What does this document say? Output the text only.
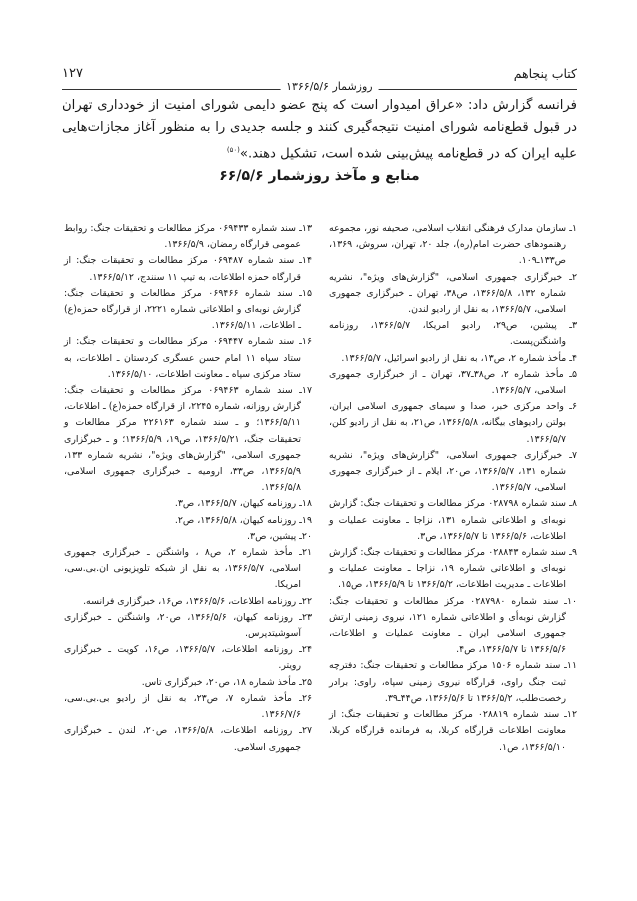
کتاب پنجاهم
روزشمار ۱۳۶۶/۵/۶
۱۲۷
فرانسه گزارش داد: «عراق امیدوار است که پنج عضو دایمی شورای امنیت از خودداری تهران در قبول قطع‌نامه شورای امنیت نتیجه‌گیری کنند و جلسه جدیدی را به منظور آغاز مجازات‌هایی علیه ایران که در قطع‌نامه پیش‌بینی شده است، تشکیل دهند.»$^{(۵۰)}$
منابع و مآخذ روزشمار ۶۶/۵/۶
۱ـ سازمان مدارک فرهنگی انقلاب اسلامی، صحیفه نور، مجموعه رهنمودهای حضرت امام(ره)، جلد ۲۰، تهران، سروش، ۱۳۶۹، ص۱۳۳ـ۱۰۹.
۲ـ خبرگزاری جمهوری اسلامی، "گزارش‌های ویژه"، نشریه شماره ۱۳۲، ۱۳۶۶/۵/۸، ص۳۸، تهران ـ خبرگزاری جمهوری اسلامی، ۱۳۶۶/۵/۷، به نقل از رادیو لندن.
۳ـ پیشین، ص۲۹، رادیو امریکا، ۱۳۶۶/۵/۷، روزنامه واشنگتن‌پست.
۴ـ مأخذ شماره ۲، ص۱۳، به نقل از رادیو اسرائیل، ۱۳۶۶/۵/۷.
۵ـ مأخذ شماره ۲، ص۳۸ـ۳۷، تهران ـ از خبرگزاری جمهوری اسلامی، ۱۳۶۶/۵/۷.
۶ـ واحد مرکزی خبر، صدا و سیمای جمهوری اسلامی ایران، بولتن رادیوهای بیگانه، ۱۳۶۶/۵/۸، ص۲۱، به نقل از رادیو کلن، ۱۳۶۶/۵/۷.
۷ـ خبرگزاری جمهوری اسلامی، "گزارش‌های ویژه"، نشریه شماره ۱۳۱، ۱۳۶۶/۵/۷، ص۲۰، ایلام ـ از خبرگزاری جمهوری اسلامی، ۱۳۶۶/۵/۷.
۸ـ سند شماره ۰۲۸۷۹۸ مرکز مطالعات و تحقیقات جنگ: گزارش نوبه‌ای و اطلاعاتی شماره ۱۳۱، نزاجا ـ معاونت عملیات و اطلاعات، ۱۳۶۶/۵/۶ تا ۱۳۶۶/۵/۷، ص۳.
۹ـ سند شماره ۰۲۸۸۴۳ مرکز مطالعات و تحقیقات جنگ: گزارش نوبه‌ای و اطلاعاتی شماره ۱۹، نزاجا ـ معاونت عملیات و اطلاعات ـ مدیریت اطلاعات، ۱۳۶۶/۵/۲ تا ۱۳۶۶/۵/۹، ص۱۵.
۱۰ـ سند شماره ۰۲۸۷۹۸۰ مرکز مطالعات و تحقیقات جنگ: گزارش نوبه‌أی و اطلاعاتی شماره ۱۲۱، نیروی زمینی ارتش جمهوری اسلامی ایران ـ معاونت عملیات و اطلاعات، ۱۳۶۶/۵/۶ تا ۱۳۶۶/۵/۷، ص۴.
۱۱ـ سند شماره ۱۵۰۶ مرکز مطالعات و تحقیقات جنگ: دفترچه ثبت جنگ راوی، قرارگاه نیروی زمینی سپاه، راوی: برادر رخصت‌طلب، ۱۳۶۶/۵/۲ تا ۱۳۶۶/۵/۶، ص۴۴ـ۳۹.
۱۲ـ سند شماره ۰۲۸۸۱۹ مرکز مطالعات و تحقیقات جنگ: از معاونت اطلاعات قرارگاه کربلا، به فرمانده قرارگاه کربلا، ۱۳۶۶/۵/۱۰، ص۱.
۱۳ـ سند شماره ۰۶۹۴۳۳ مرکز مطالعات و تحقیقات جنگ: روابط عمومی قرارگاه رمضان، ۱۳۶۶/۵/۹.
۱۴ـ سند شماره ۰۶۹۴۸۷ مرکز مطالعات و تحقیقات جنگ: از قرارگاه حمزه اطلاعات، به تیپ ۱۱ سنندج، ۱۳۶۶/۵/۱۲.
۱۵ـ سند شماره ۰۶۹۴۶۶ مرکز مطالعات و تحقیقات جنگ: گزارش نوبه‌ای و اطلاعاتی شماره ۲۲۲۱، از قرارگاه حمزه(ع) ـ اطلاعات، ۱۳۶۶/۵/۱۱.
۱۶ـ سند شماره ۰۶۹۴۴۷ مرکز مطالعات و تحقیقات جنگ: از ستاد سپاه ۱۱ امام حسن عسگری کردستان ـ اطلاعات، به ستاد مرکزی سپاه ـ معاونت اطلاعات، ۱۳۶۶/۵/۱۰.
۱۷ـ سند شماره ۰۶۹۴۶۳ مرکز مطالعات و تحقیقات جنگ: گزارش روزانه، شماره ۲۲۴۵، از قرارگاه حمزه(ع) ـ اطلاعات، ۱۳۶۶/۵/۱۱؛ و ـ سند شماره ۲۲۶۱۶۳ مرکز مطالعات و تحقیقات جنگ، ۱۳۶۶/۵/۲۱، ص۱۹، ۱۳۶۶/۵/۹؛ و ـ خبرگزاری جمهوری اسلامی، "گزارش‌های ویژه"، نشریه شماره ۱۳۳، ۱۳۶۶/۵/۹، ص۳۳، ارومیه ـ خبرگزاری جمهوری اسلامی، ۱۳۶۶/۵/۸.
۱۸ـ روزنامه کیهان، ۱۳۶۶/۵/۷، ص۳.
۱۹ـ روزنامه کیهان، ۱۳۶۶/۵/۸، ص۲.
۲۰ـ پیشین، ص۳.
۲۱ـ مأخذ شماره ۲، ص۸ ، واشنگتن ـ خبرگزاری جمهوری اسلامی، ۱۳۶۶/۵/۷، به نقل از شبکه تلویزیونی ان.بی.سی، امریکا.
۲۲ـ روزنامه اطلاعات، ۱۳۶۶/۵/۶، ص۱۶، خبرگزاری فرانسه.
۲۳ـ روزنامه کیهان، ۱۳۶۶/۵/۶، ص۲۰، واشنگتن ـ خبرگزاری آسوشیتدپرس.
۲۴ـ روزنامه اطلاعات، ۱۳۶۶/۵/۷، ص۱۶، کویت ـ خبرگزاری رویتر.
۲۵ـ مأخذ شماره ۱۸، ص۲۰، خبرگزاری تاس.
۲۶ـ مأخذ شماره ۷، ص۲۳، به نقل از رادیو بی.بی.سی، ۱۳۶۶/۷/۶.
۲۷ـ روزنامه اطلاعات، ۱۳۶۶/۵/۸، ص۲۰، لندن ـ خبرگزاری جمهوری اسلامی.
